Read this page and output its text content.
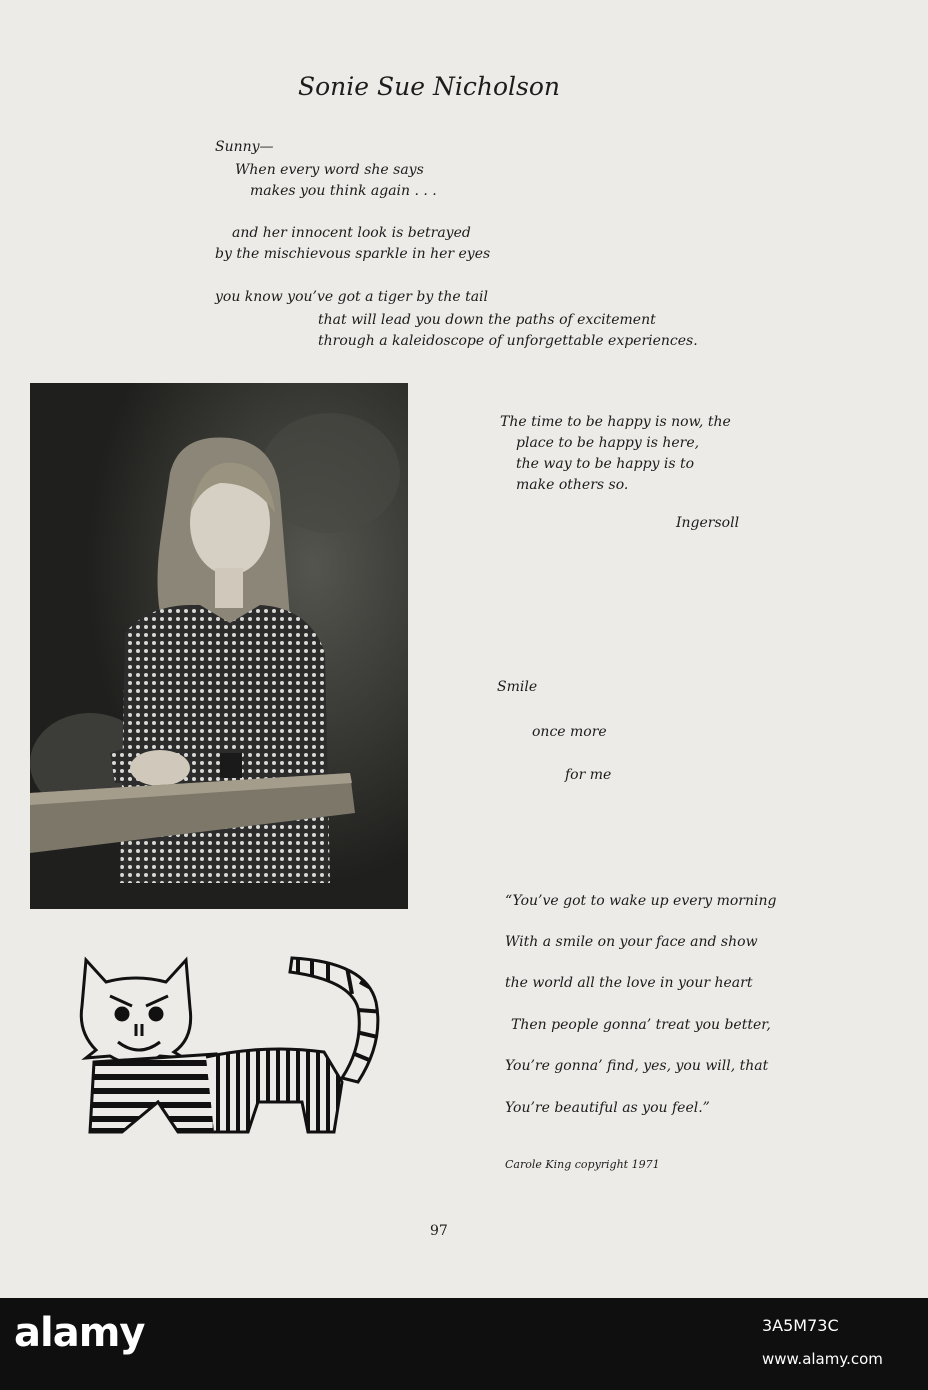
Sonie Sue Nicholson
Sunny—
When every word she says
makes you think again . . .
and her innocent look is betrayed
by the mischievous sparkle in her eyes
you know you’ve got a tiger by the tail
that will lead you down the paths of excitement
through a kaleidoscope of unforgettable experiences.
The time to be happy is now, the
place to be happy is here,
the way to be happy is to
make others so.
Ingersoll
Smile
once more
for me
“You’ve got to wake up every morning
With a smile on your face and show
the world all the love in your heart
Then people gonna’ treat you better,
You’re gonna’ find, yes, you will, that
You’re beautiful as you feel.”
Carole King copyright 1971
97
alamy	3A5M73C
www.alamy.com
